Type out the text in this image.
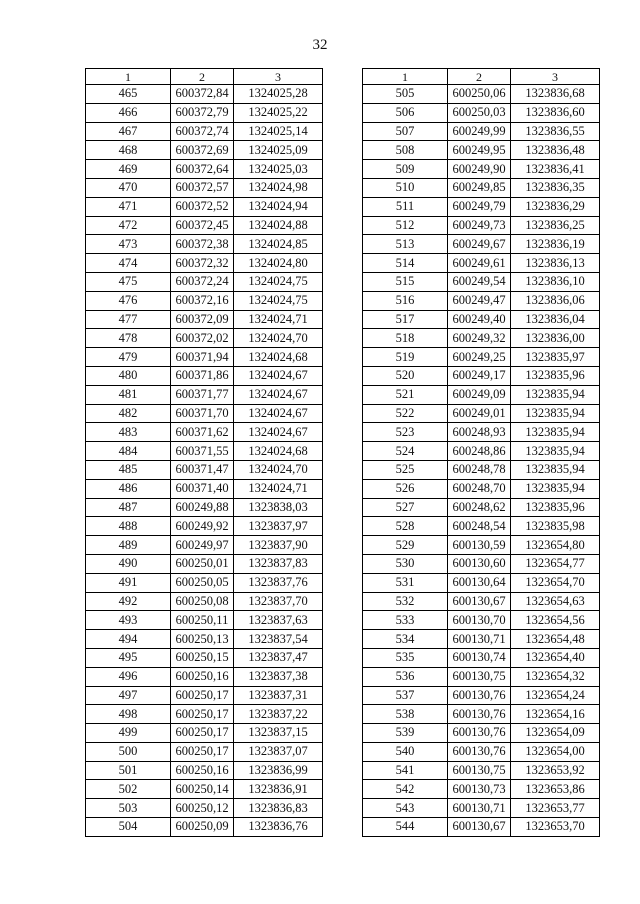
32
1	2	3
465	600372,84	1324025,28
466	600372,79	1324025,22
467	600372,74	1324025,14
468	600372,69	1324025,09
469	600372,64	1324025,03
470	600372,57	1324024,98
471	600372,52	1324024,94
472	600372,45	1324024,88
473	600372,38	1324024,85
474	600372,32	1324024,80
475	600372,24	1324024,75
476	600372,16	1324024,75
477	600372,09	1324024,71
478	600372,02	1324024,70
479	600371,94	1324024,68
480	600371,86	1324024,67
481	600371,77	1324024,67
482	600371,70	1324024,67
483	600371,62	1324024,67
484	600371,55	1324024,68
485	600371,47	1324024,70
486	600371,40	1324024,71
487	600249,88	1323838,03
488	600249,92	1323837,97
489	600249,97	1323837,90
490	600250,01	1323837,83
491	600250,05	1323837,76
492	600250,08	1323837,70
493	600250,11	1323837,63
494	600250,13	1323837,54
495	600250,15	1323837,47
496	600250,16	1323837,38
497	600250,17	1323837,31
498	600250,17	1323837,22
499	600250,17	1323837,15
500	600250,17	1323837,07
501	600250,16	1323836,99
502	600250,14	1323836,91
503	600250,12	1323836,83
504	600250,09	1323836,76
1	2	3
505	600250,06	1323836,68
506	600250,03	1323836,60
507	600249,99	1323836,55
508	600249,95	1323836,48
509	600249,90	1323836,41
510	600249,85	1323836,35
511	600249,79	1323836,29
512	600249,73	1323836,25
513	600249,67	1323836,19
514	600249,61	1323836,13
515	600249,54	1323836,10
516	600249,47	1323836,06
517	600249,40	1323836,04
518	600249,32	1323836,00
519	600249,25	1323835,97
520	600249,17	1323835,96
521	600249,09	1323835,94
522	600249,01	1323835,94
523	600248,93	1323835,94
524	600248,86	1323835,94
525	600248,78	1323835,94
526	600248,70	1323835,94
527	600248,62	1323835,96
528	600248,54	1323835,98
529	600130,59	1323654,80
530	600130,60	1323654,77
531	600130,64	1323654,70
532	600130,67	1323654,63
533	600130,70	1323654,56
534	600130,71	1323654,48
535	600130,74	1323654,40
536	600130,75	1323654,32
537	600130,76	1323654,24
538	600130,76	1323654,16
539	600130,76	1323654,09
540	600130,76	1323654,00
541	600130,75	1323653,92
542	600130,73	1323653,86
543	600130,71	1323653,77
544	600130,67	1323653,70
